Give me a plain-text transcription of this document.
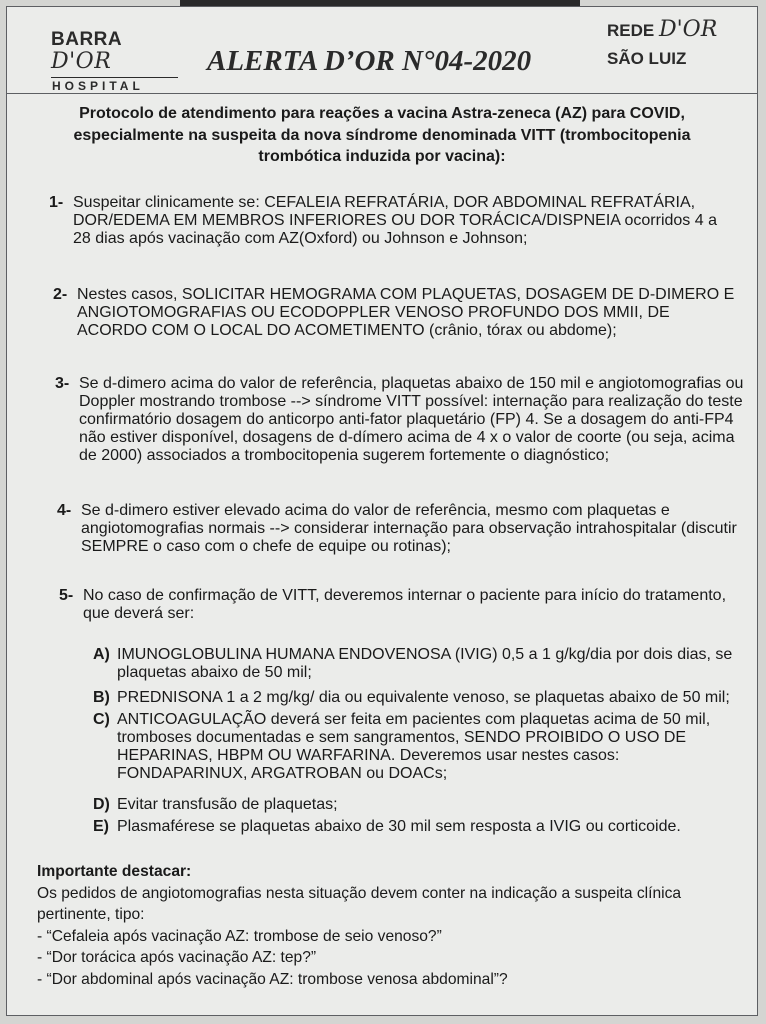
BARRA D'OR
HOSPITAL
ALERTA D’OR N°04-2020
REDE D'OR
SÃO LUIZ
Protocolo de atendimento para reações a vacina Astra-zeneca (AZ) para COVID, especialmente na suspeita da nova síndrome denominada VITT (trombocitopenia trombótica induzida por vacina):
1- Suspeitar clinicamente se: CEFALEIA REFRATÁRIA, DOR ABDOMINAL REFRATÁRIA, DOR/EDEMA EM MEMBROS INFERIORES OU DOR TORÁCICA/DISPNEIA ocorridos 4 a 28 dias após vacinação com AZ(Oxford) ou Johnson e Johnson;
2- Nestes casos, SOLICITAR HEMOGRAMA COM PLAQUETAS, DOSAGEM DE D-DIMERO E ANGIOTOMOGRAFIAS OU ECODOPPLER VENOSO PROFUNDO DOS MMII, DE ACORDO COM O LOCAL DO ACOMETIMENTO (crânio, tórax ou abdome);
3- Se d-dimero acima do valor de referência, plaquetas abaixo de 150 mil e angiotomografias ou Doppler mostrando trombose --> síndrome VITT possível: internação para realização do teste confirmatório dosagem do anticorpo anti-fator plaquetário (FP) 4. Se a dosagem do anti-FP4 não estiver disponível, dosagens de d-dímero acima de 4 x o valor de coorte (ou seja, acima de 2000) associados a trombocitopenia sugerem fortemente o diagnóstico;
4- Se d-dimero estiver elevado acima do valor de referência, mesmo com plaquetas e angiotomografias normais --> considerar internação para observação intrahospitalar (discutir SEMPRE o caso com o chefe de equipe ou rotinas);
5- No caso de confirmação de VITT, deveremos internar o paciente para início do tratamento, que deverá ser:
A) IMUNOGLOBULINA HUMANA ENDOVENOSA (IVIG) 0,5 a 1 g/kg/dia por dois dias, se plaquetas abaixo de 50 mil;
B) PREDNISONA 1 a 2 mg/kg/ dia ou equivalente venoso, se plaquetas abaixo de 50 mil;
C) ANTICOAGULAÇÃO deverá ser feita em pacientes com plaquetas acima de 50 mil, tromboses documentadas e sem sangramentos, SENDO PROIBIDO O USO DE HEPARINAS, HBPM OU WARFARINA. Deveremos usar nestes casos: FONDAPARINUX, ARGATROBAN ou DOACs;
D) Evitar transfusão de plaquetas;
E) Plasmaférese se plaquetas abaixo de 30 mil sem resposta a IVIG ou corticoide.
Importante destacar:
Os pedidos de angiotomografias nesta situação devem conter na indicação a suspeita clínica pertinente, tipo:
- “Cefaleia após vacinação AZ: trombose de seio venoso?”
- “Dor torácica após vacinação AZ: tep?”
- “Dor abdominal após vacinação AZ: trombose venosa abdominal”?
